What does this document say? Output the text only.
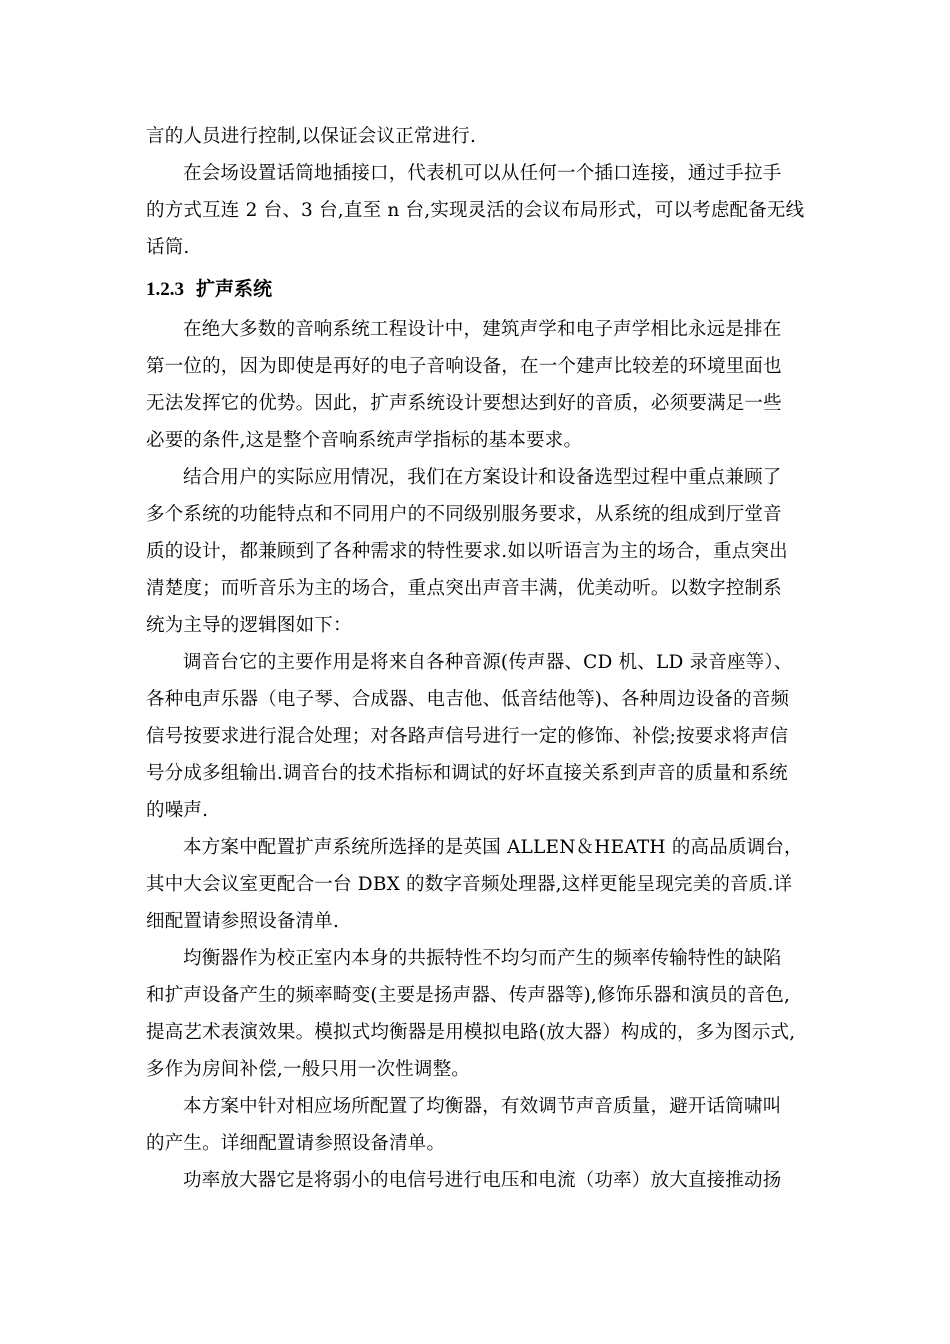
言的人员进行控制,以保证会议正常进行.
在会场设置话筒地插接口，代表机可以从任何一个插口连接，通过手拉手
的方式互连 2 台、3 台,直至 n 台,实现灵活的会议布局形式，可以考虑配备无线
话筒.
1.2.3 扩声系统
在绝大多数的音响系统工程设计中，建筑声学和电子声学相比永远是排在
第一位的，因为即使是再好的电子音响设备，在一个建声比较差的环境里面也
无法发挥它的优势。因此，扩声系统设计要想达到好的音质，必须要满足一些
必要的条件,这是整个音响系统声学指标的基本要求。
结合用户的实际应用情况，我们在方案设计和设备选型过程中重点兼顾了
多个系统的功能特点和不同用户的不同级别服务要求，从系统的组成到厅堂音
质的设计，都兼顾到了各种需求的特性要求.如以听语言为主的场合，重点突出
清楚度；而听音乐为主的场合，重点突出声音丰满，优美动听。以数字控制系
统为主导的逻辑图如下：
调音台它的主要作用是将来自各种音源(传声器、CD 机、LD 录音座等）、
各种电声乐器（电子琴、合成器、电吉他、低音结他等)、各种周边设备的音频
信号按要求进行混合处理；对各路声信号进行一定的修饰、补偿;按要求将声信
号分成多组输出.调音台的技术指标和调试的好坏直接关系到声音的质量和系统
的噪声.
本方案中配置扩声系统所选择的是英国 ALLEN＆HEATH 的高品质调台，
其中大会议室更配合一台 DBX 的数字音频处理器,这样更能呈现完美的音质.详
细配置请参照设备清单.
均衡器作为校正室内本身的共振特性不均匀而产生的频率传输特性的缺陷
和扩声设备产生的频率畸变(主要是扬声器、传声器等),修饰乐器和演员的音色,
提高艺术表演效果。模拟式均衡器是用模拟电路(放大器）构成的，多为图示式,
多作为房间补偿,一般只用一次性调整。
本方案中针对相应场所配置了均衡器，有效调节声音质量，避开话筒啸叫
的产生。详细配置请参照设备清单。
功率放大器它是将弱小的电信号进行电压和电流（功率）放大直接推动扬
